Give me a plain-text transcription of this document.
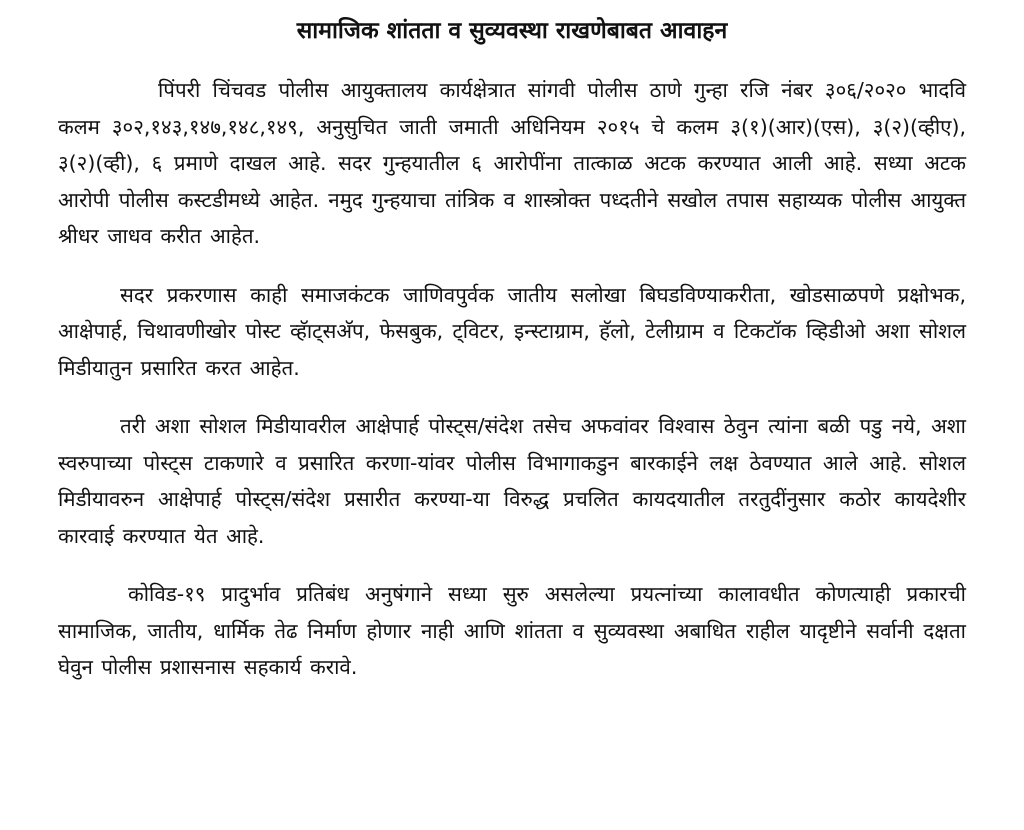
सामाजिक शांतता व सुव्यवस्था राखणेबाबत आवाहन

पिंपरी चिंचवड पोलीस आयुक्तालय कार्यक्षेत्रात सांगवी पोलीस ठाणे गुन्हा रजि नंबर ३०६/२०२० भादवि कलम ३०२,१४३,१४७,१४८,१४९, अनुसुचित जाती जमाती अधिनियम २०१५ चे कलम ३(१)(आर)(एस), ३(२)(व्हीए), ३(२)(व्ही), ६ प्रमाणे दाखल आहे. सदर गुन्हयातील ६ आरोपींना तात्काळ अटक करण्यात आली आहे. सध्या अटक आरोपी पोलीस कस्टडीमध्ये आहेत. नमुद गुन्हयाचा तांत्रिक व शास्त्रोक्त पध्दतीने सखोल तपास सहाय्यक पोलीस आयुक्त श्रीधर जाधव करीत आहेत.

सदर प्रकरणास काही समाजकंटक जाणिवपुर्वक जातीय सलोखा बिघडविण्याकरीता, खोडसाळपणे प्रक्षोभक, आक्षेपार्ह, चिथावणीखोर पोस्ट व्हॅाट्सअ‍ॅप, फेसबुक, ट्विटर, इन्स्टाग्राम, हॅलो, टेलीग्राम व टिकटॉक व्हिडीओ अशा सोशल मिडीयातुन प्रसारित करत आहेत.

तरी अशा सोशल मिडीयावरील आक्षेपार्ह पोस्ट्स/संदेश तसेच अफवांवर विश्वास ठेवुन त्यांना बळी पडु नये, अशा स्वरुपाच्या पोस्ट्स टाकणारे व प्रसारित करणा-यांवर पोलीस विभागाकडुन बारकाईने लक्ष ठेवण्यात आले आहे. सोशल मिडीयावरुन आक्षेपार्ह पोस्ट्स/संदेश प्रसारीत करण्या-या विरुद्ध प्रचलित कायदयातील तरतुदींनुसार कठोर कायदेशीर कारवाई करण्यात येत आहे.

कोविड-१९ प्रादुर्भाव प्रतिबंध अनुषंगाने सध्या सुरु असलेल्या प्रयत्नांच्या कालावधीत कोणत्याही प्रकारची सामाजिक, जातीय, धार्मिक तेढ निर्माण होणार नाही आणि शांतता व सुव्यवस्था अबाधित राहील यादृष्टीने सर्वानी दक्षता घेवुन पोलीस प्रशासनास सहकार्य करावे.
